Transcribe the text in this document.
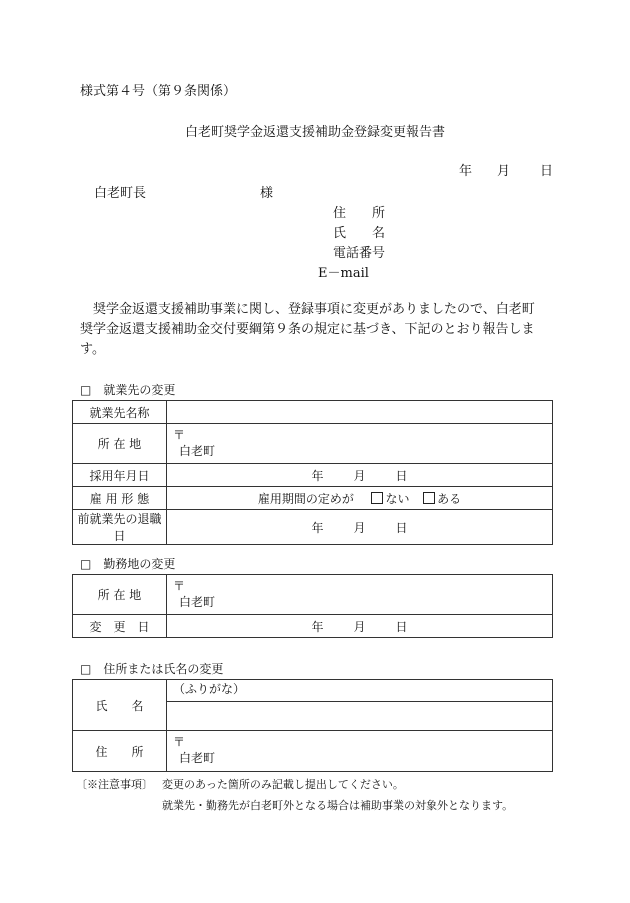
様式第４号（第９条関係）
白老町奨学金返還支援補助金登録変更報告書
年 月 日
白老町長	様
住　　所
氏　　名
電話番号
E－mail
　奨学金返還支援補助事業に関し、登録事項に変更がありましたので、白老町
奨学金返還支援補助金交付要綱第９条の規定に基づき、下記のとおり報告しま
す。
□　就業先の変更
就業先名称	
所 在 地	〒
白老町

採用年月日	年 月 日
雇 用 形 態	雇用期間の定めが ない ある
前就業先の退職日	年 月 日
□　勤務地の変更
所 在 地	〒
白老町

変　更　日	年 月 日
□　住所または氏名の変更
氏　　名	（ふりがな）

住　　所	〒
白老町
〔※注意事項〕 変更のあった箇所のみ記載し提出してください。
就業先・勤務先が白老町外となる場合は補助事業の対象外となります。
